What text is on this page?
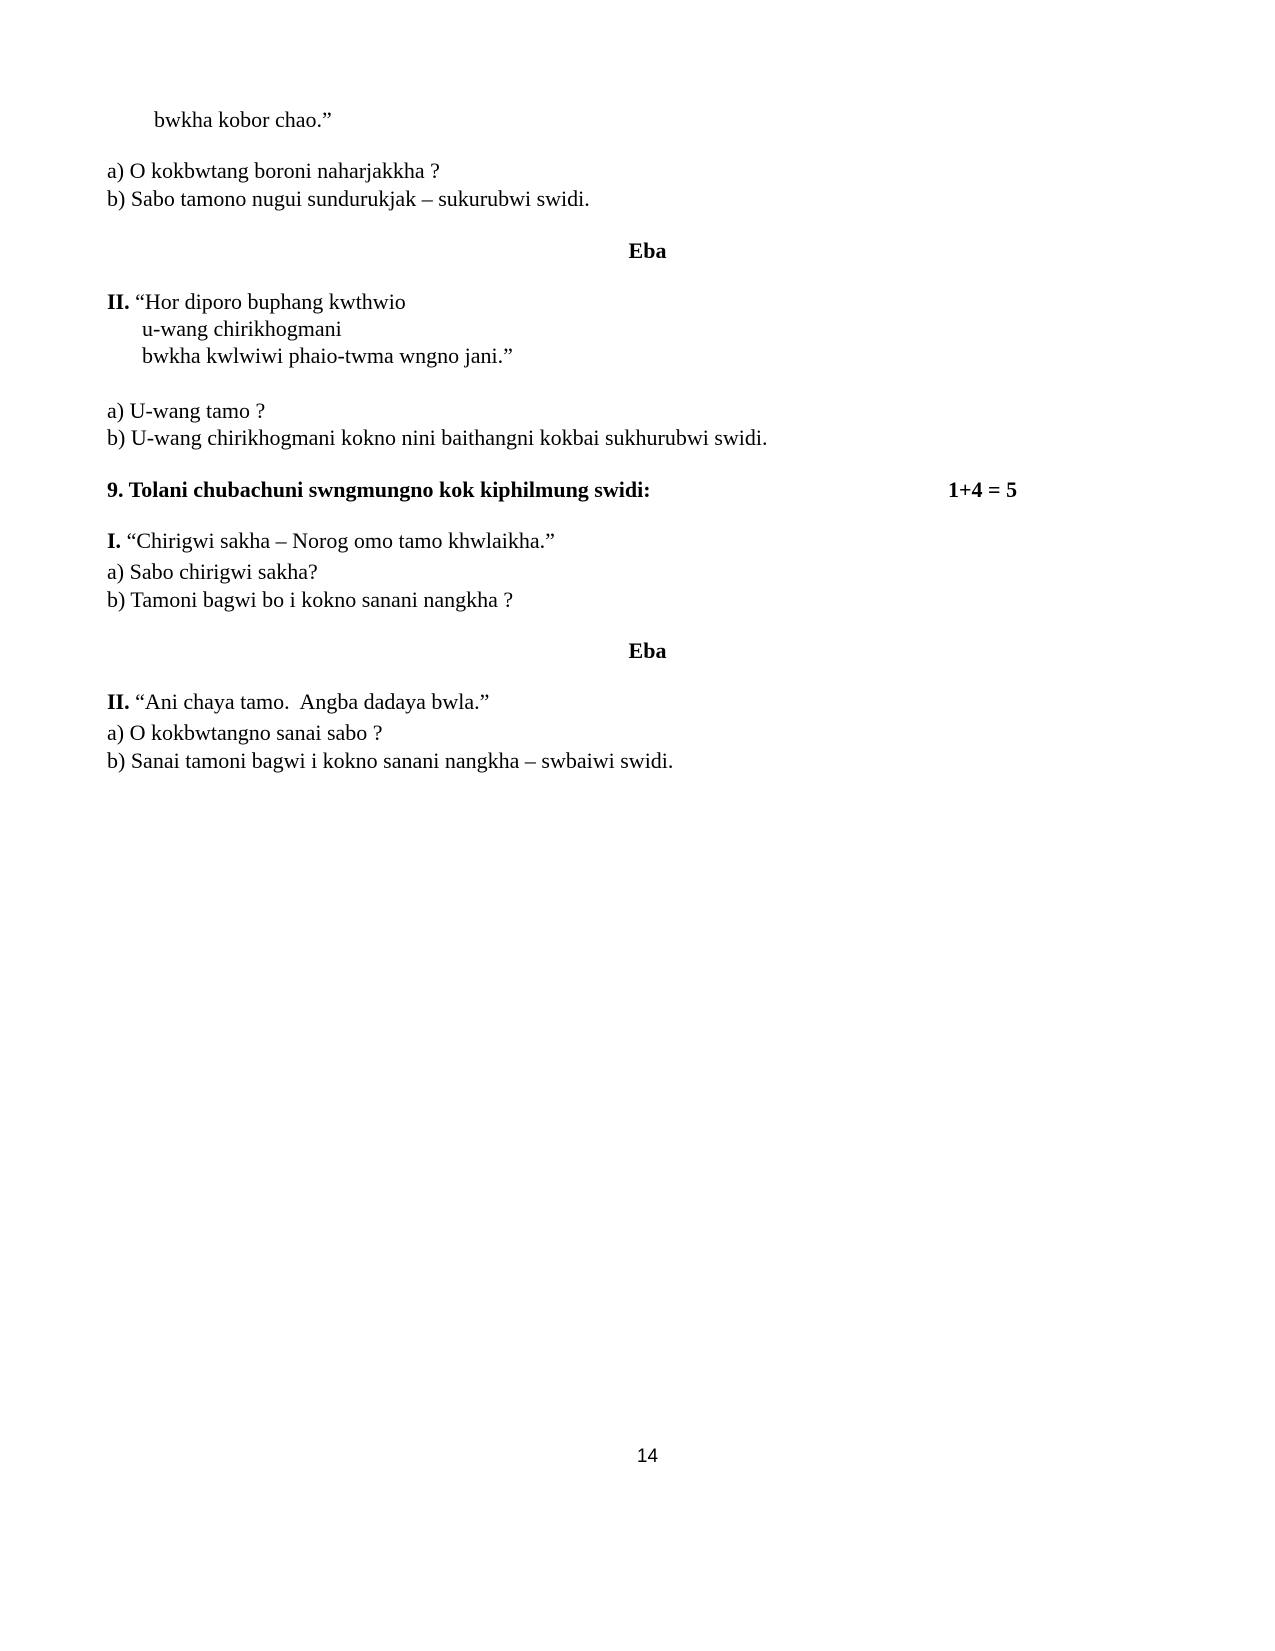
bwkha kobor chao.”
a) O kokbwtang boroni naharjakkha ?
b) Sabo tamono nugui sundurukjak – sukurubwi swidi.
Eba
II. “Hor diporo buphang kwthwio
u-wang chirikhogmani
bwkha kwlwiwi phaio-twma wngno jani.”
a) U-wang tamo ?
b) U-wang chirikhogmani kokno nini baithangni kokbai sukhurubwi swidi.
9. Tolani chubachuni swngmungno kok kiphilmung swidi:	1+4 = 5
I. “Chirigwi sakha – Norog omo tamo khwlaikha.”
a) Sabo chirigwi sakha?
b) Tamoni bagwi bo i kokno sanani nangkha ?
Eba
II. “Ani chaya tamo.  Angba dadaya bwla.”
a) O kokbwtangno sanai sabo ?
b) Sanai tamoni bagwi i kokno sanani nangkha – swbaiwi swidi.
14
